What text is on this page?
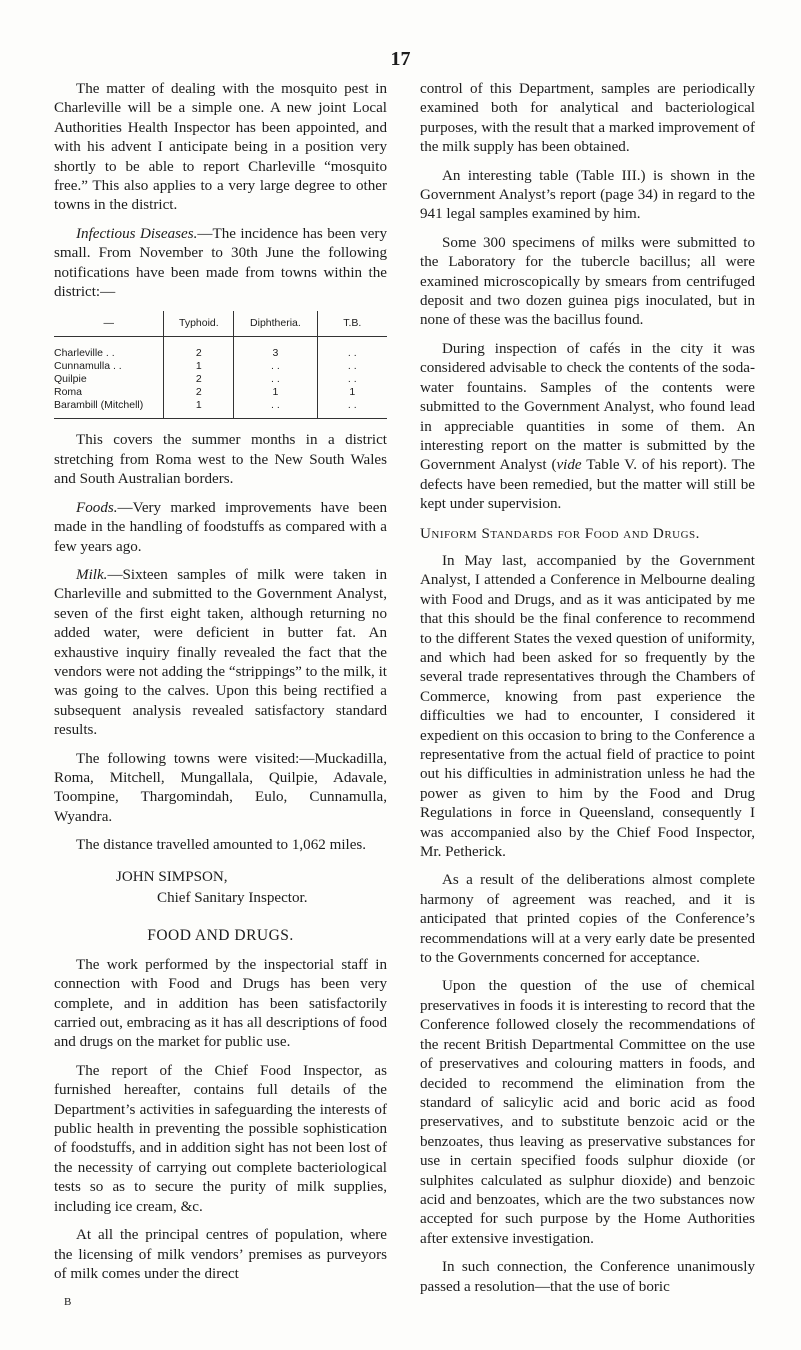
17

The matter of dealing with the mosquito pest in Charleville will be a simple one. A new joint Local Authorities Health Inspector has been appointed, and with his advent I anticipate being in a position very shortly to be able to report Charleville “mosquito free.” This also applies to a very large degree to other towns in the district.

Infectious Diseases.—The incidence has been very small. From November to 30th June the following notifications have been made from towns within the district:—

—	Typhoid.	Diphtheria.	T.B.
Charleville . .	2	3	. .
Cunnamulla . .	1	. .	. .
Quilpie	2	. .	. .
Roma	2	1	1
Barambill (Mitchell)	1	. .	. .

This covers the summer months in a district stretching from Roma west to the New South Wales and South Australian borders.

Foods.—Very marked improvements have been made in the handling of foodstuffs as compared with a few years ago.

Milk.—Sixteen samples of milk were taken in Charleville and submitted to the Government Analyst, seven of the first eight taken, although returning no added water, were deficient in butter fat. An exhaustive inquiry finally revealed the fact that the vendors were not adding the “strippings” to the milk, it was going to the calves. Upon this being rectified a subsequent analysis revealed satisfactory standard results.

The following towns were visited:—Muckadilla, Roma, Mitchell, Mungallala, Quilpie, Adavale, Toompine, Thargomindah, Eulo, Cunnamulla, Wyandra.

The distance travelled amounted to 1,062 miles.

JOHN SIMPSON,

Chief Sanitary Inspector.

FOOD AND DRUGS.

The work performed by the inspectorial staff in connection with Food and Drugs has been very complete, and in addition has been satisfactorily carried out, embracing as it has all descriptions of food and drugs on the market for public use.

The report of the Chief Food Inspector, as furnished hereafter, contains full details of the Department’s activities in safeguarding the interests of public health in preventing the possible sophistication of foodstuffs, and in addition sight has not been lost of the necessity of carrying out complete bacteriological tests so as to secure the purity of milk supplies, including ice cream, &c.

At all the principal centres of population, where the licensing of milk vendors’ premises as purveyors of milk comes under the direct

B

control of this Department, samples are periodically examined both for analytical and bacteriological purposes, with the result that a marked improvement of the milk supply has been obtained.

An interesting table (Table III.) is shown in the Government Analyst’s report (page 34) in regard to the 941 legal samples examined by him.

Some 300 specimens of milks were submitted to the Laboratory for the tubercle bacillus; all were examined microscopically by smears from centrifuged deposit and two dozen guinea pigs inoculated, but in none of these was the bacillus found.

During inspection of cafés in the city it was considered advisable to check the contents of the soda-water fountains. Samples of the contents were submitted to the Government Analyst, who found lead in appreciable quantities in some of them. An interesting report on the matter is submitted by the Government Analyst (vide Table V. of his report). The defects have been remedied, but the matter will still be kept under supervision.

Uniform Standards for Food and Drugs.

In May last, accompanied by the Government Analyst, I attended a Conference in Melbourne dealing with Food and Drugs, and as it was anticipated by me that this should be the final conference to recommend to the different States the vexed question of uniformity, and which had been asked for so frequently by the several trade representatives through the Chambers of Commerce, knowing from past experience the difficulties we had to encounter, I considered it expedient on this occasion to bring to the Conference a representative from the actual field of practice to point out his difficulties in administration unless he had the power as given to him by the Food and Drug Regulations in force in Queensland, consequently I was accompanied also by the Chief Food Inspector, Mr. Petherick.

As a result of the deliberations almost complete harmony of agreement was reached, and it is anticipated that printed copies of the Conference’s recommendations will at a very early date be presented to the Governments concerned for acceptance.

Upon the question of the use of chemical preservatives in foods it is interesting to record that the Conference followed closely the recommendations of the recent British Departmental Committee on the use of preservatives and colouring matters in foods, and decided to recommend the elimination from the standard of salicylic acid and boric acid as food preservatives, and to substitute benzoic acid or the benzoates, thus leaving as preservative substances for use in certain specified foods sulphur dioxide (or sulphites calculated as sulphur dioxide) and benzoic acid and benzoates, which are the two substances now accepted for such purpose by the Home Authorities after extensive investigation.

In such connection, the Conference unanimously passed a resolution—that the use of boric
